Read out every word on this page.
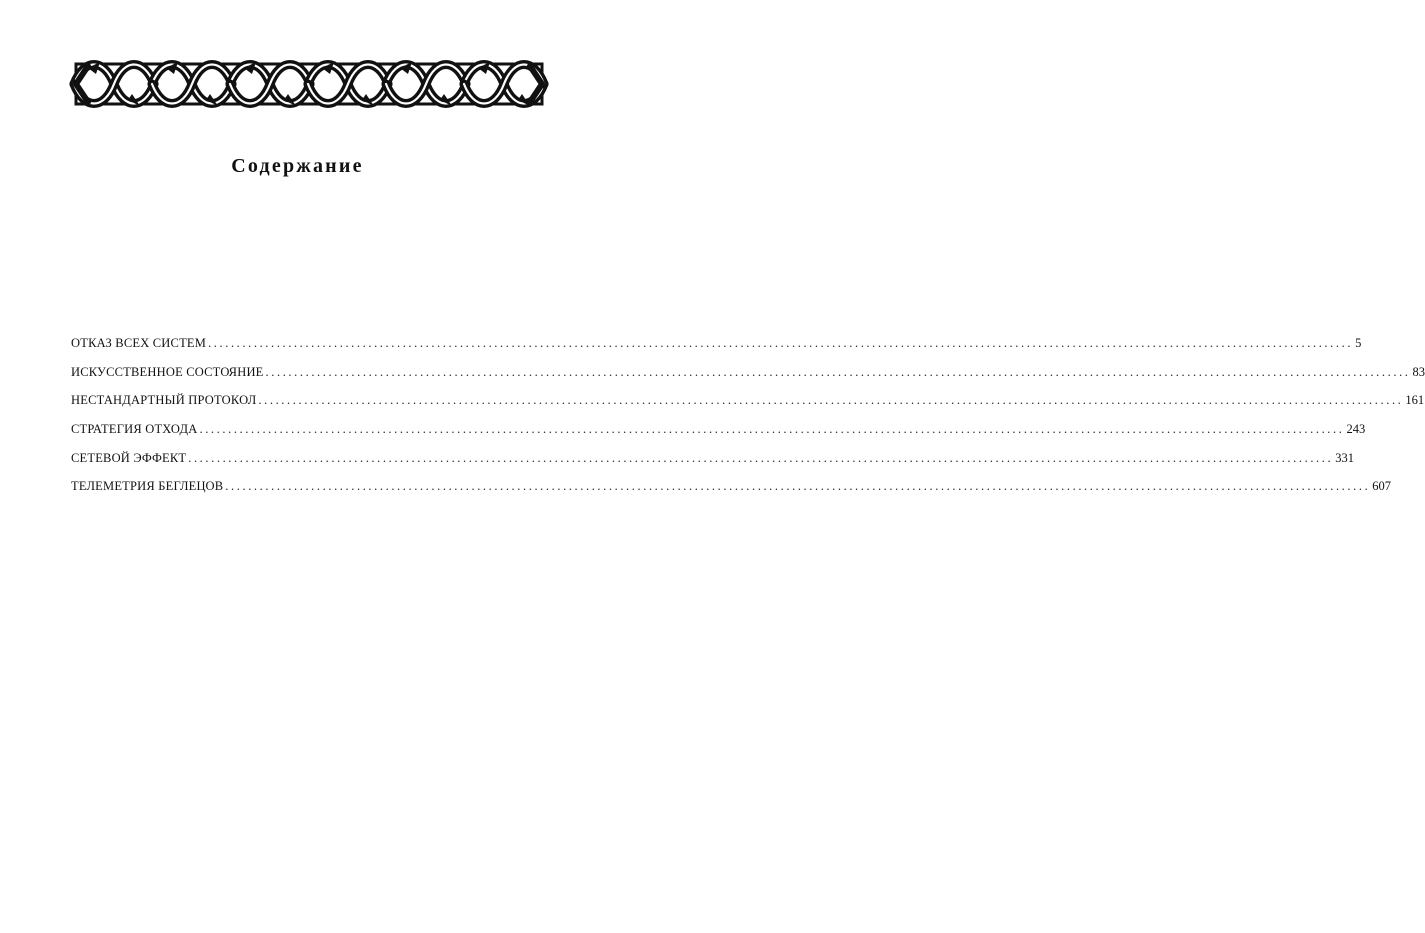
Содержание
ОТКАЗ ВСЕХ СИСТЕМ ........................................................................................................................................................................................................ 5
ИСКУССТВЕННОЕ СОСТОЯНИЕ ........................................................................................................................................................................................................ 83
НЕСТАНДАРТНЫЙ ПРОТОКОЛ ........................................................................................................................................................................................................ 161
СТРАТЕГИЯ ОТХОДА ........................................................................................................................................................................................................ 243
СЕТЕВОЙ ЭФФЕКТ ........................................................................................................................................................................................................ 331
ТЕЛЕМЕТРИЯ БЕГЛЕЦОВ ........................................................................................................................................................................................................ 607
